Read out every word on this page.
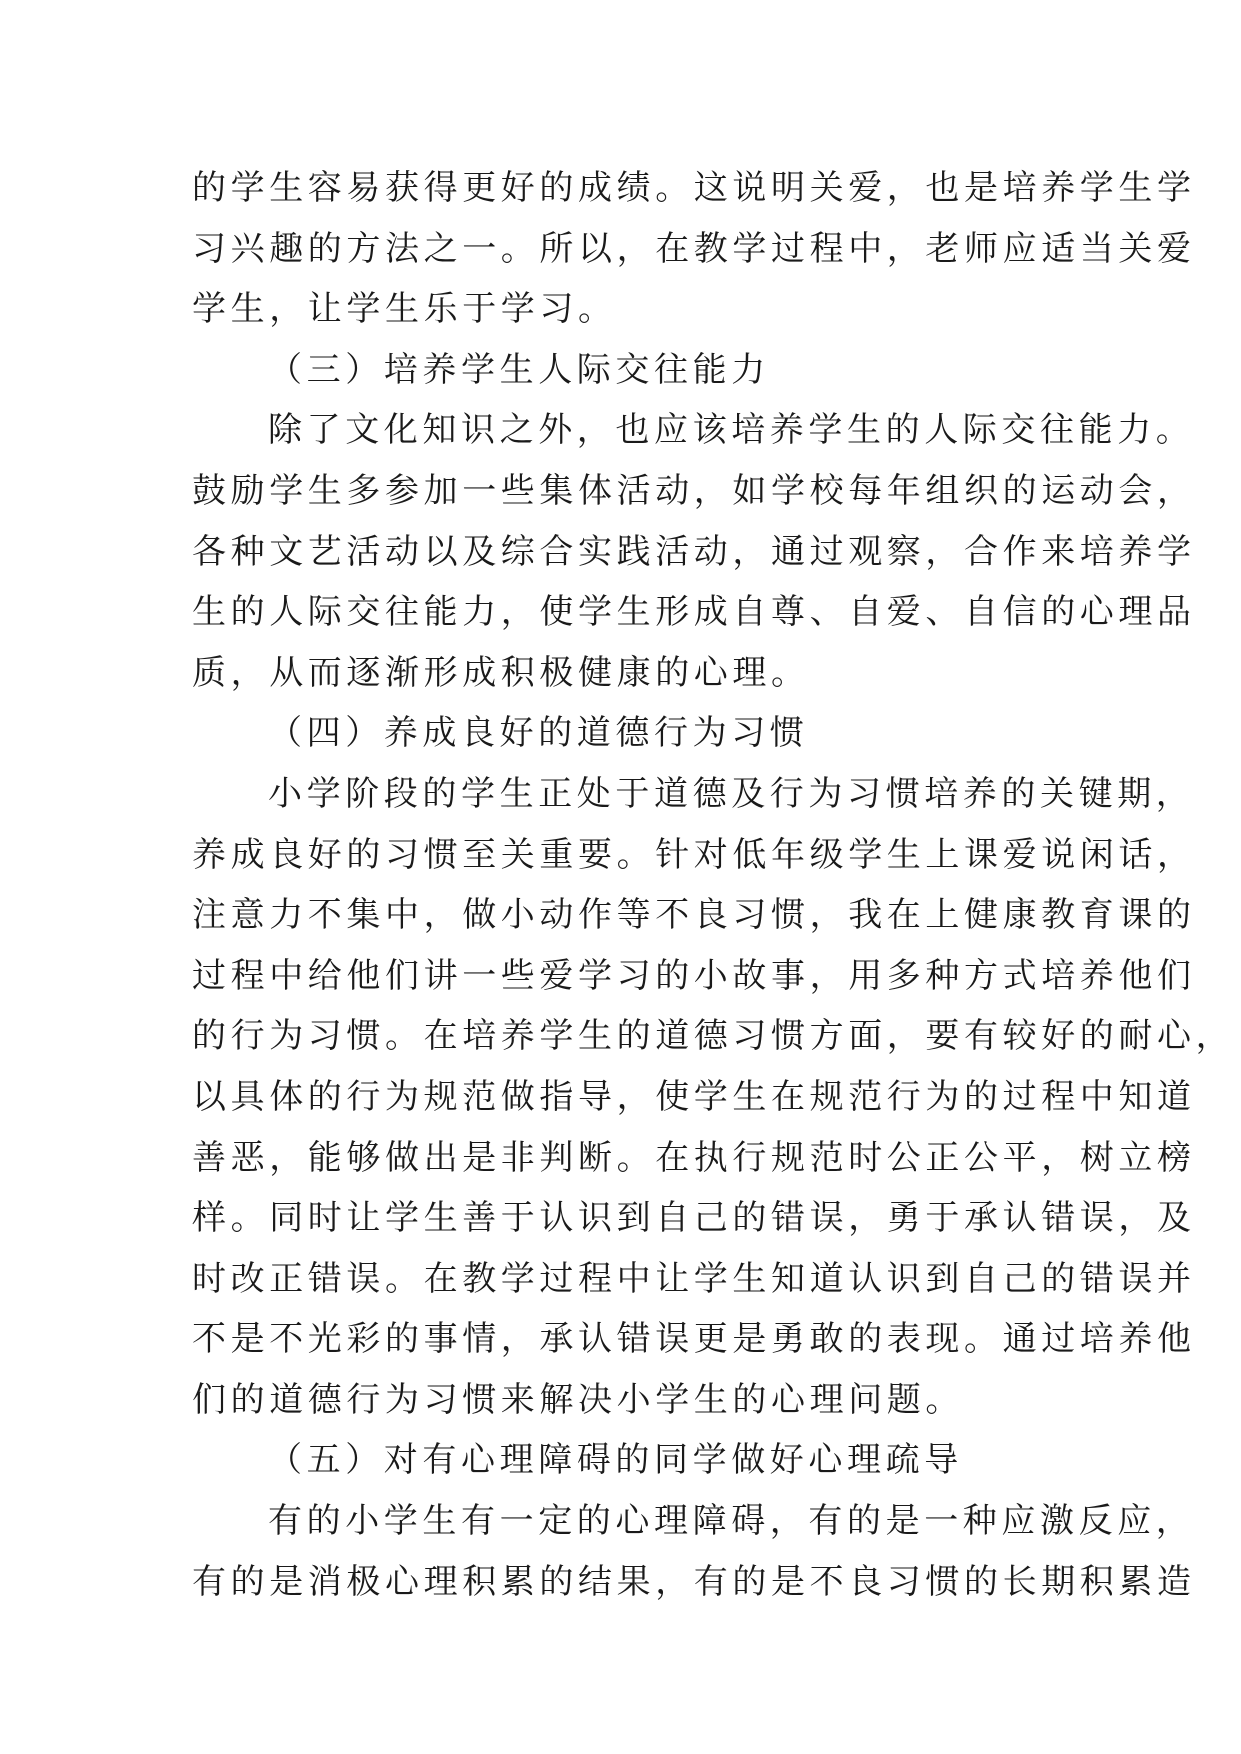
的学生容易获得更好的成绩。这说明关爱，也是培养学生学
习兴趣的方法之一。所以，在教学过程中，老师应适当关爱
学生，让学生乐于学习。
（三）培养学生人际交往能力
除了文化知识之外，也应该培养学生的人际交往能力。
鼓励学生多参加一些集体活动，如学校每年组织的运动会，
各种文艺活动以及综合实践活动，通过观察，合作来培养学
生的人际交往能力，使学生形成自尊、自爱、自信的心理品
质，从而逐渐形成积极健康的心理。
（四）养成良好的道德行为习惯
小学阶段的学生正处于道德及行为习惯培养的关键期，
养成良好的习惯至关重要。针对低年级学生上课爱说闲话，
注意力不集中，做小动作等不良习惯，我在上健康教育课的
过程中给他们讲一些爱学习的小故事，用多种方式培养他们
的行为习惯。在培养学生的道德习惯方面，要有较好的耐心，
以具体的行为规范做指导，使学生在规范行为的过程中知道
善恶，能够做出是非判断。在执行规范时公正公平，树立榜
样。同时让学生善于认识到自己的错误，勇于承认错误，及
时改正错误。在教学过程中让学生知道认识到自己的错误并
不是不光彩的事情，承认错误更是勇敢的表现。通过培养他
们的道德行为习惯来解决小学生的心理问题。
（五）对有心理障碍的同学做好心理疏导
有的小学生有一定的心理障碍，有的是一种应激反应，
有的是消极心理积累的结果，有的是不良习惯的长期积累造
